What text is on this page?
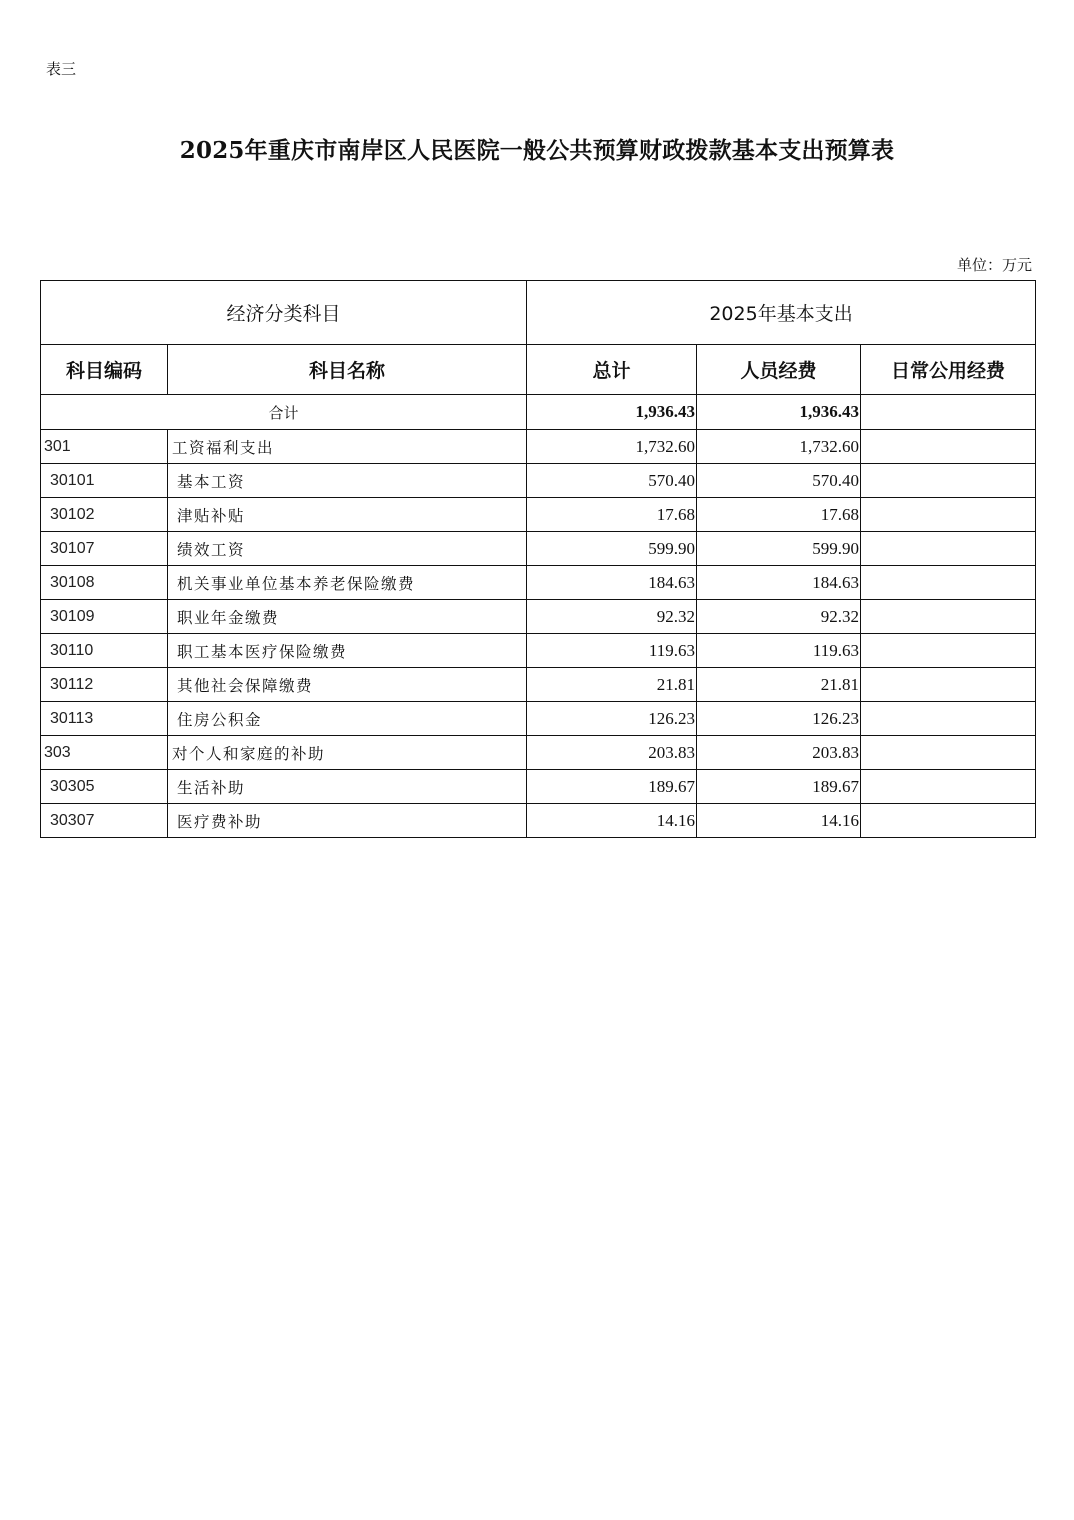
表三
2025年重庆市南岸区人民医院一般公共预算财政拨款基本支出预算表
单位：万元
经济分类科目		2025年基本支出		
科目编码	科目名称	总计	人员经费	日常公用经费
合计		1,936.43	1,936.43	
301	工资福利支出	1,732.60	1,732.60	
30101	基本工资	570.40	570.40	
30102	津贴补贴	17.68	17.68	
30107	绩效工资	599.90	599.90	
30108	机关事业单位基本养老保险缴费	184.63	184.63	
30109	职业年金缴费	92.32	92.32	
30110	职工基本医疗保险缴费	119.63	119.63	
30112	其他社会保障缴费	21.81	21.81	
30113	住房公积金	126.23	126.23	
303	对个人和家庭的补助	203.83	203.83	
30305	生活补助	189.67	189.67	
30307	医疗费补助	14.16	14.16	
